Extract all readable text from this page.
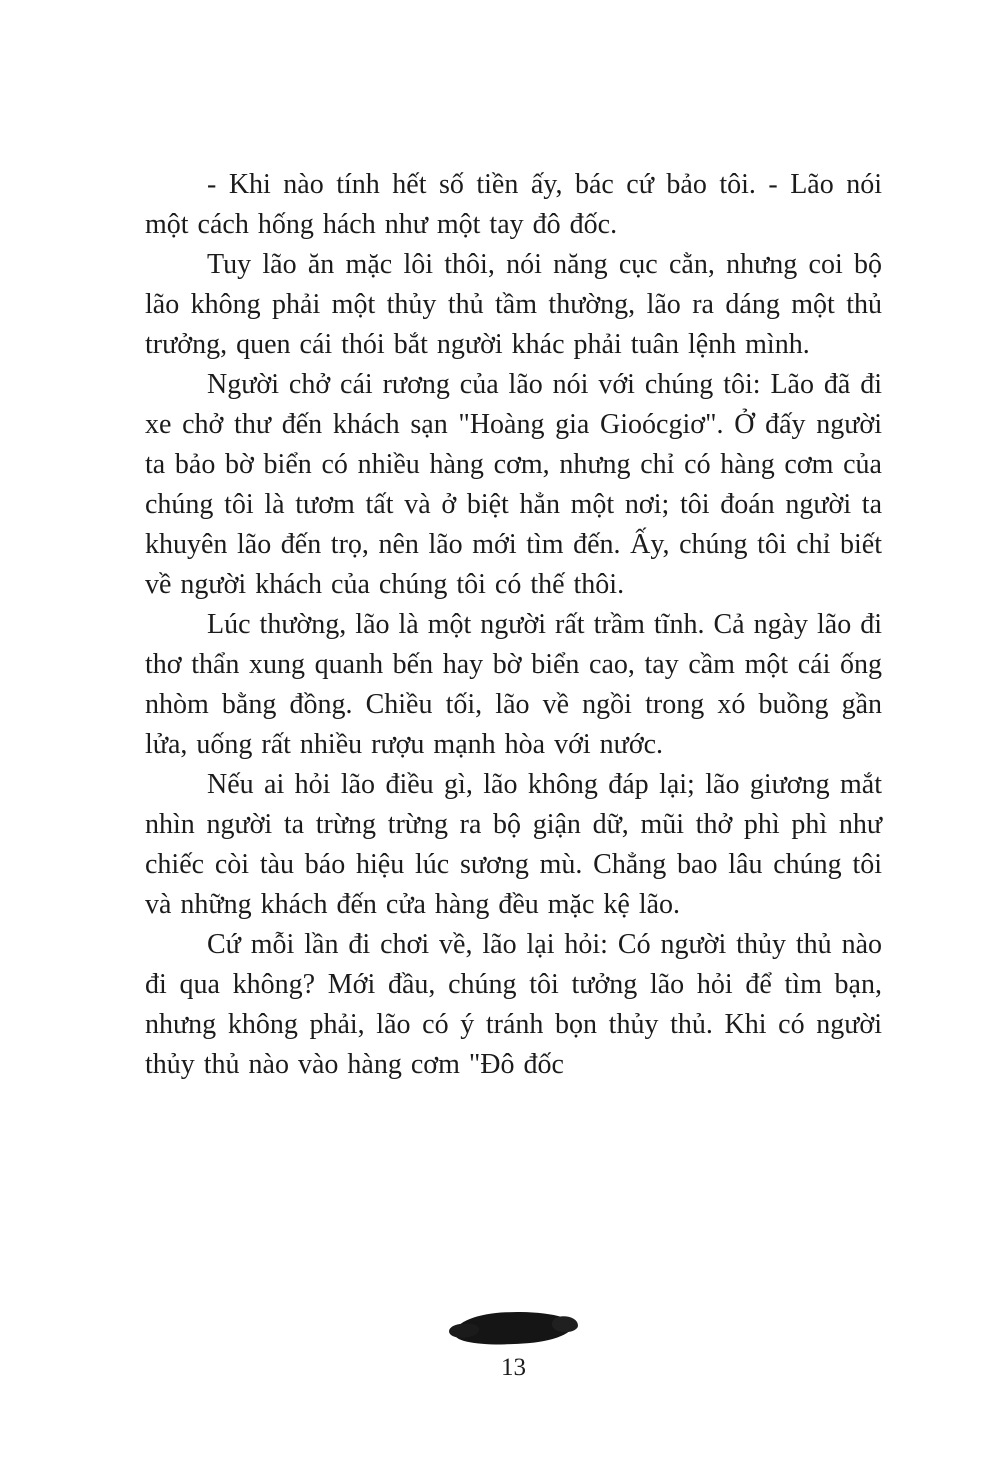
- Khi nào tính hết số tiền ấy, bác cứ bảo tôi. - Lão nói một cách hống hách như một tay đô đốc.

Tuy lão ăn mặc lôi thôi, nói năng cục cằn, nhưng coi bộ lão không phải một thủy thủ tầm thường, lão ra dáng một thủ trưởng, quen cái thói bắt người khác phải tuân lệnh mình.

Người chở cái rương của lão nói với chúng tôi: Lão đã đi xe chở thư đến khách sạn "Hoàng gia Gioócgiơ". Ở đấy người ta bảo bờ biển có nhiều hàng cơm, nhưng chỉ có hàng cơm của chúng tôi là tươm tất và ở biệt hẳn một nơi; tôi đoán người ta khuyên lão đến trọ, nên lão mới tìm đến. Ấy, chúng tôi chỉ biết về người khách của chúng tôi có thế thôi.

Lúc thường, lão là một người rất trầm tĩnh. Cả ngày lão đi thơ thẩn xung quanh bến hay bờ biển cao, tay cầm một cái ống nhòm bằng đồng. Chiều tối, lão về ngồi trong xó buồng gần lửa, uống rất nhiều rượu mạnh hòa với nước.

Nếu ai hỏi lão điều gì, lão không đáp lại; lão giương mắt nhìn người ta trừng trừng ra bộ giận dữ, mũi thở phì phì như chiếc còi tàu báo hiệu lúc sương mù. Chẳng bao lâu chúng tôi và những khách đến cửa hàng đều mặc kệ lão.

Cứ mỗi lần đi chơi về, lão lại hỏi: Có người thủy thủ nào đi qua không? Mới đầu, chúng tôi tưởng lão hỏi để tìm bạn, nhưng không phải, lão có ý tránh bọn thủy thủ. Khi có người thủy thủ nào vào hàng cơm "Đô đốc

13
